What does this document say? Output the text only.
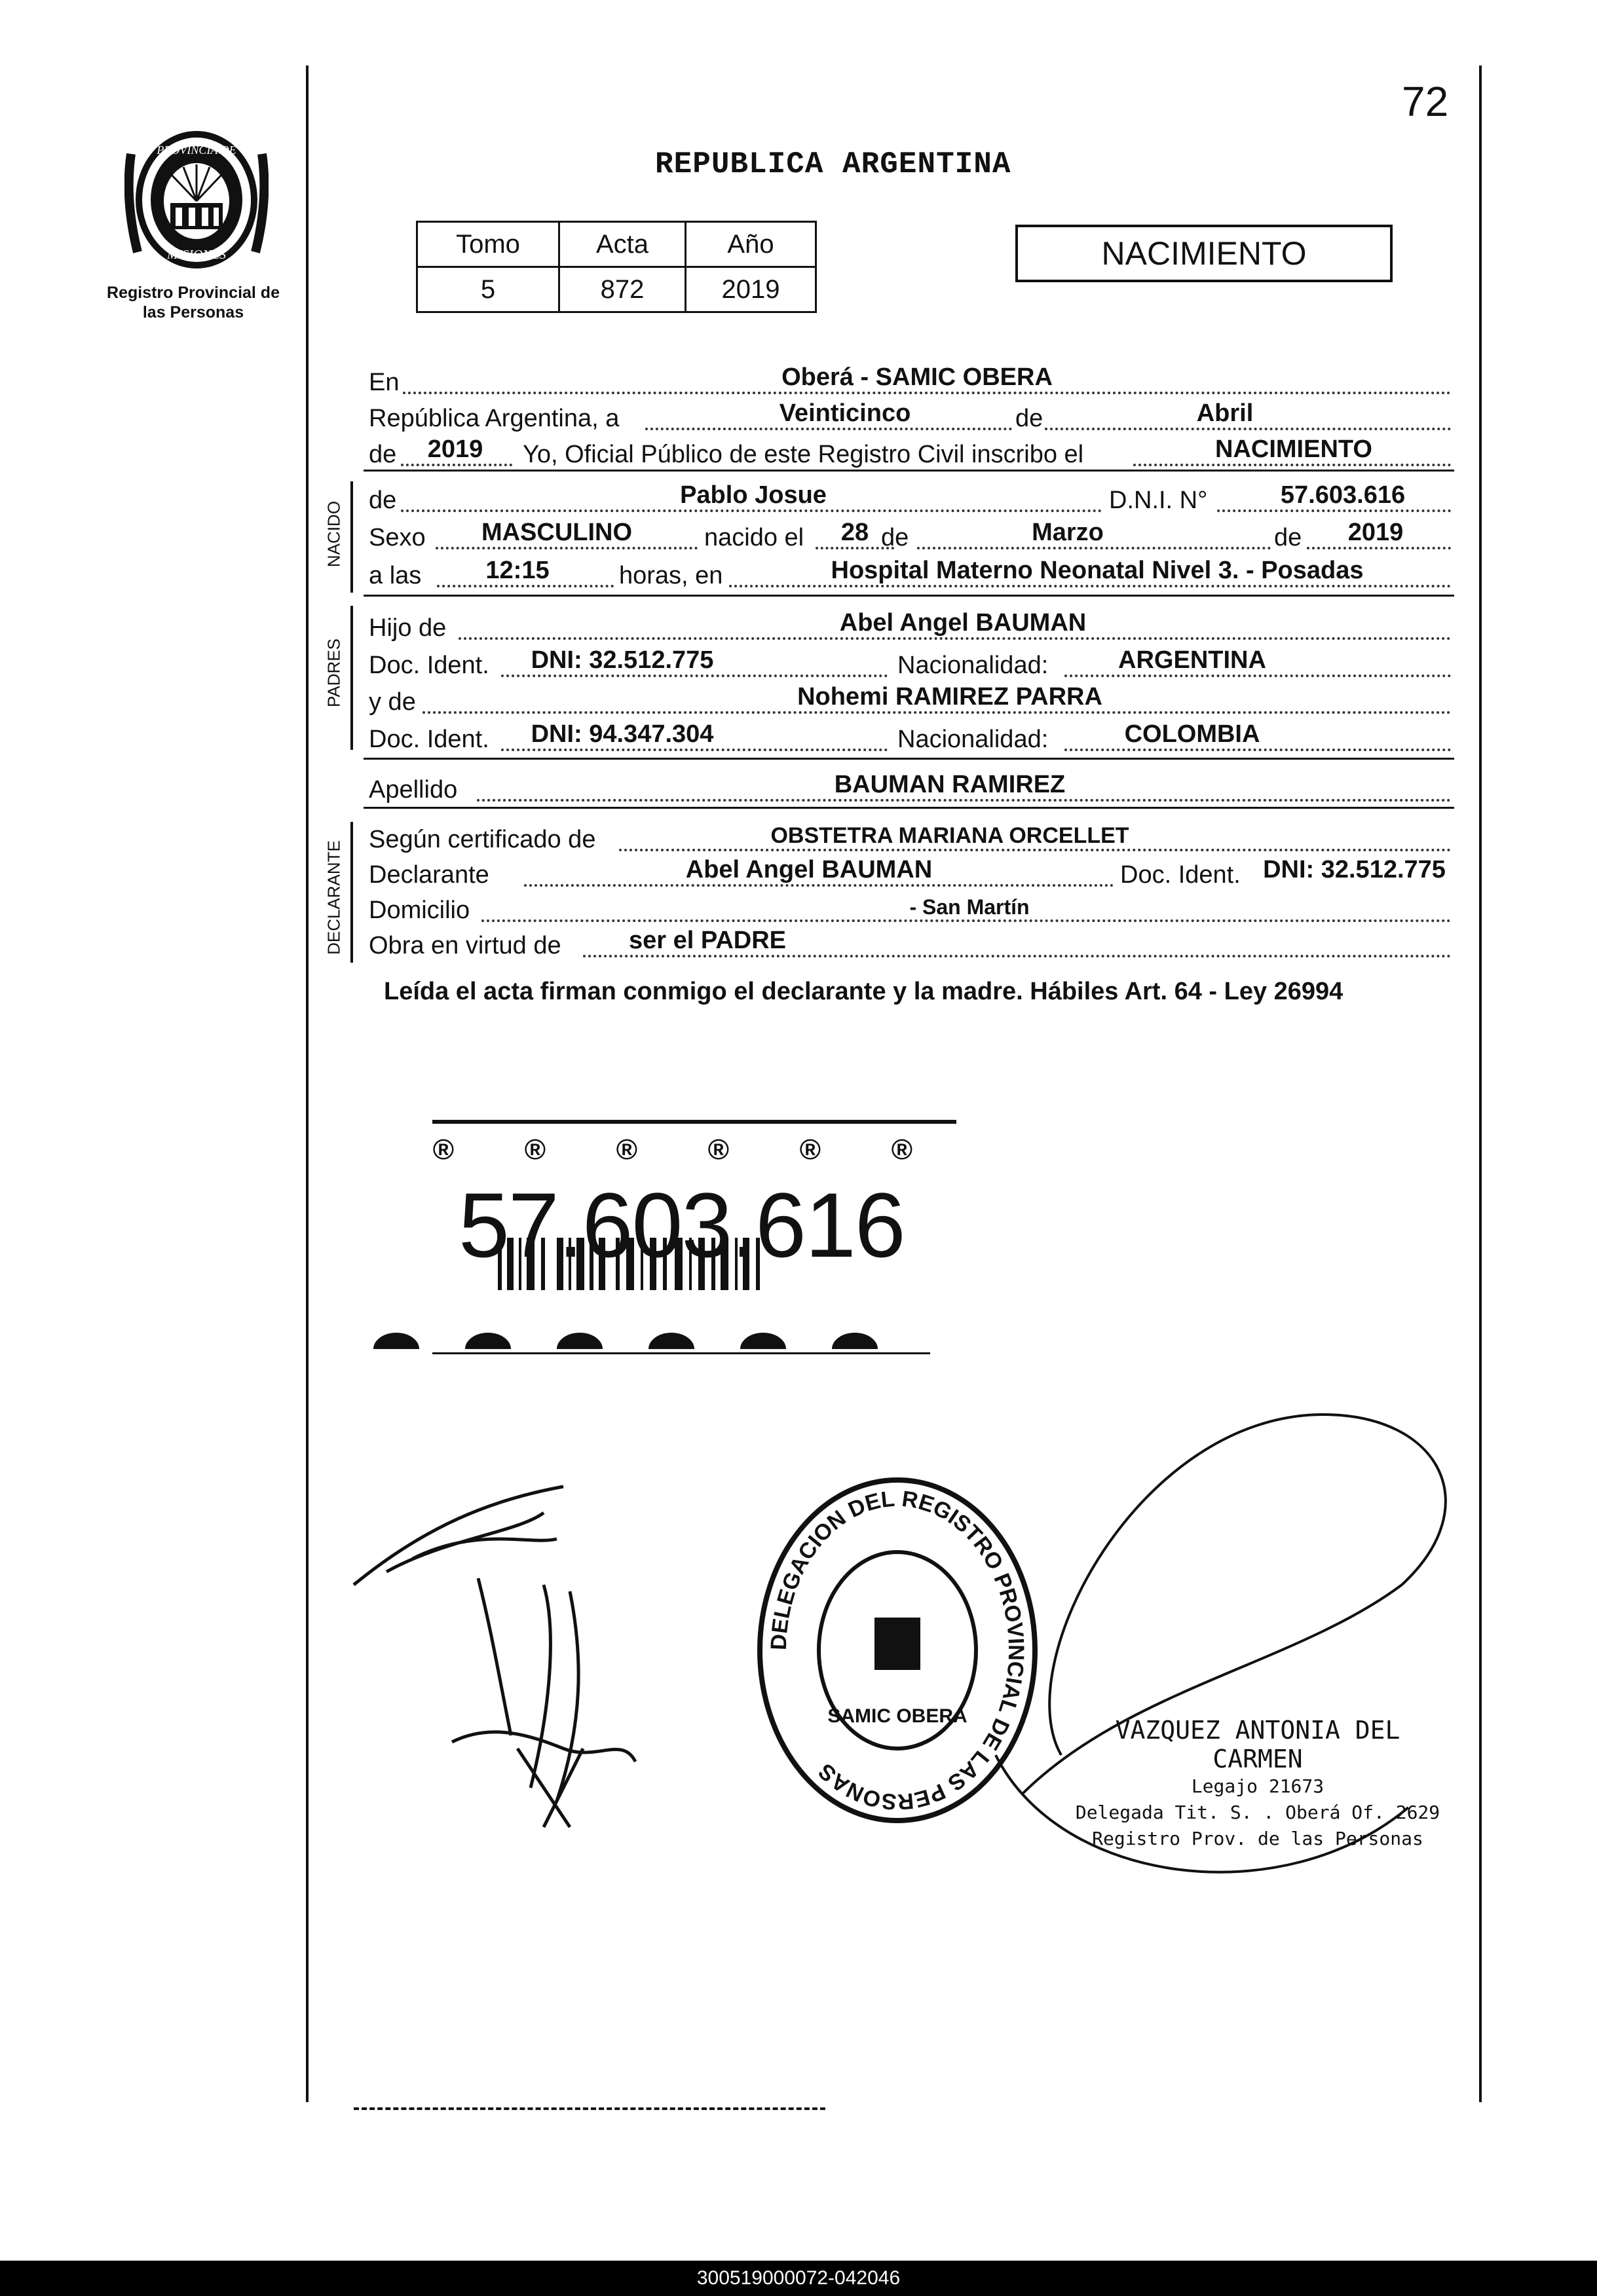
PROVINCIA DE
MISIONES
Registro Provincial de las Personas
72
REPUBLICA ARGENTINA
Tomo	Acta	Año
5	872	2019
NACIMIENTO
En	Oberá - SAMIC OBERA
República Argentina, a	Veinticinco	de	Abril
de	2019	Yo, Oficial Público de este Registro Civil inscribo el	NACIMIENTO
NACIDO
de	Pablo Josue	D.N.I. N°	57.603.616
Sexo	MASCULINO	nacido el	28 de	Marzo	de	2019
a las	12:15	horas, en	Hospital Materno Neonatal Nivel 3. - Posadas
PADRES
Hijo de	Abel Angel BAUMAN
Doc. Ident.	DNI: 32.512.775	Nacionalidad:	ARGENTINA
y de	Nohemi RAMIREZ PARRA
Doc. Ident.	DNI: 94.347.304	Nacionalidad:	COLOMBIA
Apellido	BAUMAN RAMIREZ
DECLARANTE
Según certificado de	OBSTETRA MARIANA ORCELLET
Declarante	Abel Angel BAUMAN	Doc. Ident. DNI: 32.512.775
Domicilio	- San Martín
Obra en virtud de	ser el PADRE
Leída el acta firman conmigo el declarante y la madre. Hábiles Art. 64 - Ley 26994
® ® ® ® ® ®
57.603.616
DELEGACION DEL REGISTRO PROVINCIAL DE LAS PERSONAS
SAMIC OBERA	VAZQUEZ ANTONIA DEL CARMEN
Legajo 21673
Delegada Tit. S. . Oberá Of. 2629
Registro Prov. de las Personas
300519000072-042046
